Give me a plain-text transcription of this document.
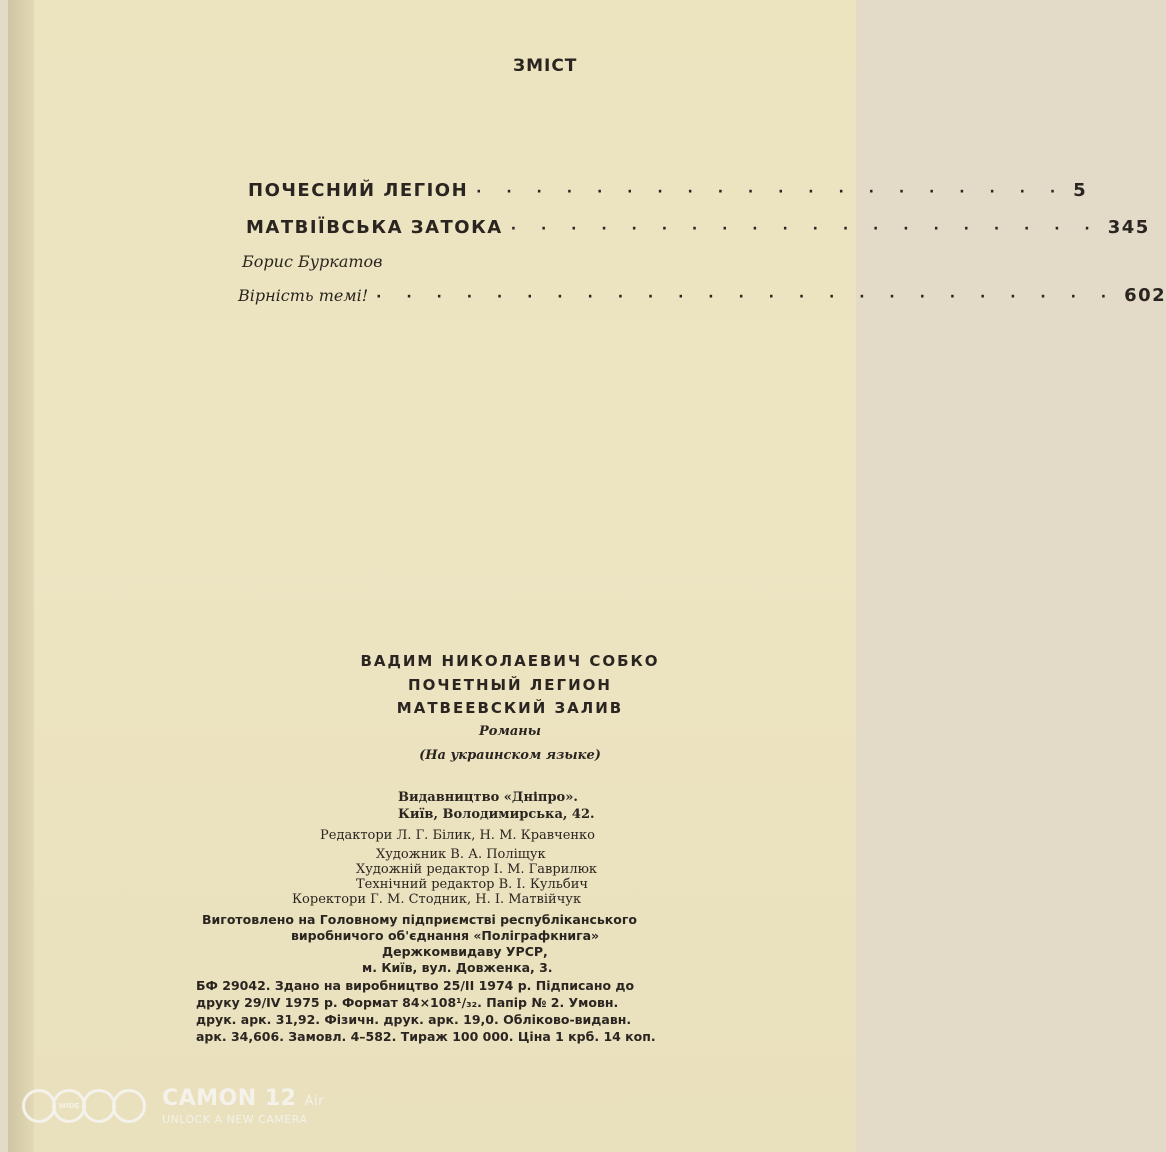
ЗМІСТ
ПОЧЕСНИЙ ЛЕГІОН · · · · · · · · · · · · · · · · · · · · 5
МАТВІЇВСЬКА ЗАТОКА · · · · · · · · · · · · · · · · · · · · 345
Борис Буркатов
Вірність темі! · · · · · · · · · · · · · · · · · · · · · · · · · 602
ВАДИМ НИКОЛАЕВИЧ СОБКО
ПОЧЕТНЫЙ ЛЕГИОН
МАТВЕЕВСКИЙ ЗАЛИВ
Романы
(На украинском языке)
Видавництво «Дніпро».
Київ, Володимирська, 42.
Редактори Л. Г. Білик, Н. М. Кравченко
Художник В. А. Поліщук
Художній редактор І. М. Гаврилюк
Технічний редактор В. І. Кульбич
Коректори Г. М. Стодник, Н. І. Матвійчук
Виготовлено на Головному підприємстві республіканського
виробничого об'єднання «Поліграфкнига»
Держкомвидаву УРСР,
м. Київ, вул. Довженка, 3.
БФ 29042. Здано на виробництво 25/ІІ 1974 р. Підписано до
друку 29/IV 1975 р. Формат 84×108¹/₃₂. Папір № 2. Умовн.
друк. арк. 31,92. Фізичн. друк. арк. 19,0. Обліково-видавн.
арк. 34,606. Замовл. 4–582. Тираж 100 000. Ціна 1 крб. 14 коп.
WIDE	CAMON 12 Air
UNLOCK A NEW CAMERA
